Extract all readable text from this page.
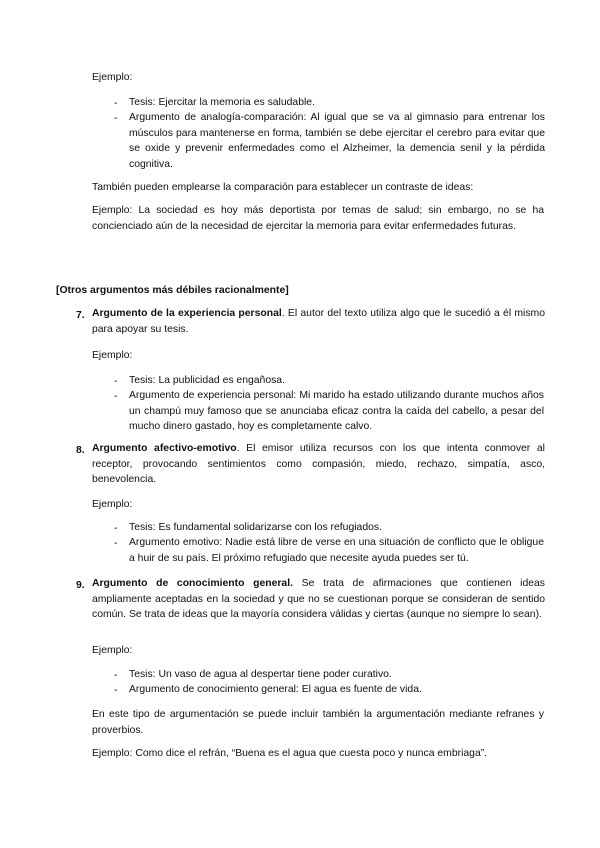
Ejemplo:
- Tesis: Ejercitar la memoria es saludable.
- Argumento de analogía-comparación: Al igual que se va al gimnasio para entrenar los músculos para mantenerse en forma, también se debe ejercitar el cerebro para evitar que se oxide y prevenir enfermedades como el Alzheimer, la demencia senil y la pérdida cognitiva.
También pueden emplearse la comparación para establecer un contraste de ideas:
Ejemplo: La sociedad es hoy más deportista por temas de salud; sin embargo, no se ha concienciado aún de la necesidad de ejercitar la memoria para evitar enfermedades futuras.
[Otros argumentos más débiles racionalmente]
7. Argumento de la experiencia personal. El autor del texto utiliza algo que le sucedió a él mismo para apoyar su tesis.
Ejemplo:
- Tesis: La publicidad es engañosa.
- Argumento de experiencia personal: Mi marido ha estado utilizando durante muchos años un champú muy famoso que se anunciaba eficaz contra la caída del cabello, a pesar del mucho dinero gastado, hoy es completamente calvo.
8. Argumento afectivo-emotivo. El emisor utiliza recursos con los que intenta conmover al receptor, provocando sentimientos como compasión, miedo, rechazo, simpatía, asco, benevolencia.
Ejemplo:
- Tesis: Es fundamental solidarizarse con los refugiados.
- Argumento emotivo: Nadie está libre de verse en una situación de conflicto que le obligue a huir de su país. El próximo refugiado que necesite ayuda puedes ser tú.
9. Argumento de conocimiento general. Se trata de afirmaciones que contienen ideas ampliamente aceptadas en la sociedad y que no se cuestionan porque se consideran de sentido común. Se trata de ideas que la mayoría considera válidas y ciertas (aunque no siempre lo sean).
Ejemplo:
- Tesis: Un vaso de agua al despertar tiene poder curativo.
- Argumento de conocimiento general: El agua es fuente de vida.
En este tipo de argumentación se puede incluir también la argumentación mediante refranes y proverbios.
Ejemplo: Como dice el refrán, “Buena es el agua que cuesta poco y nunca embriaga”.
